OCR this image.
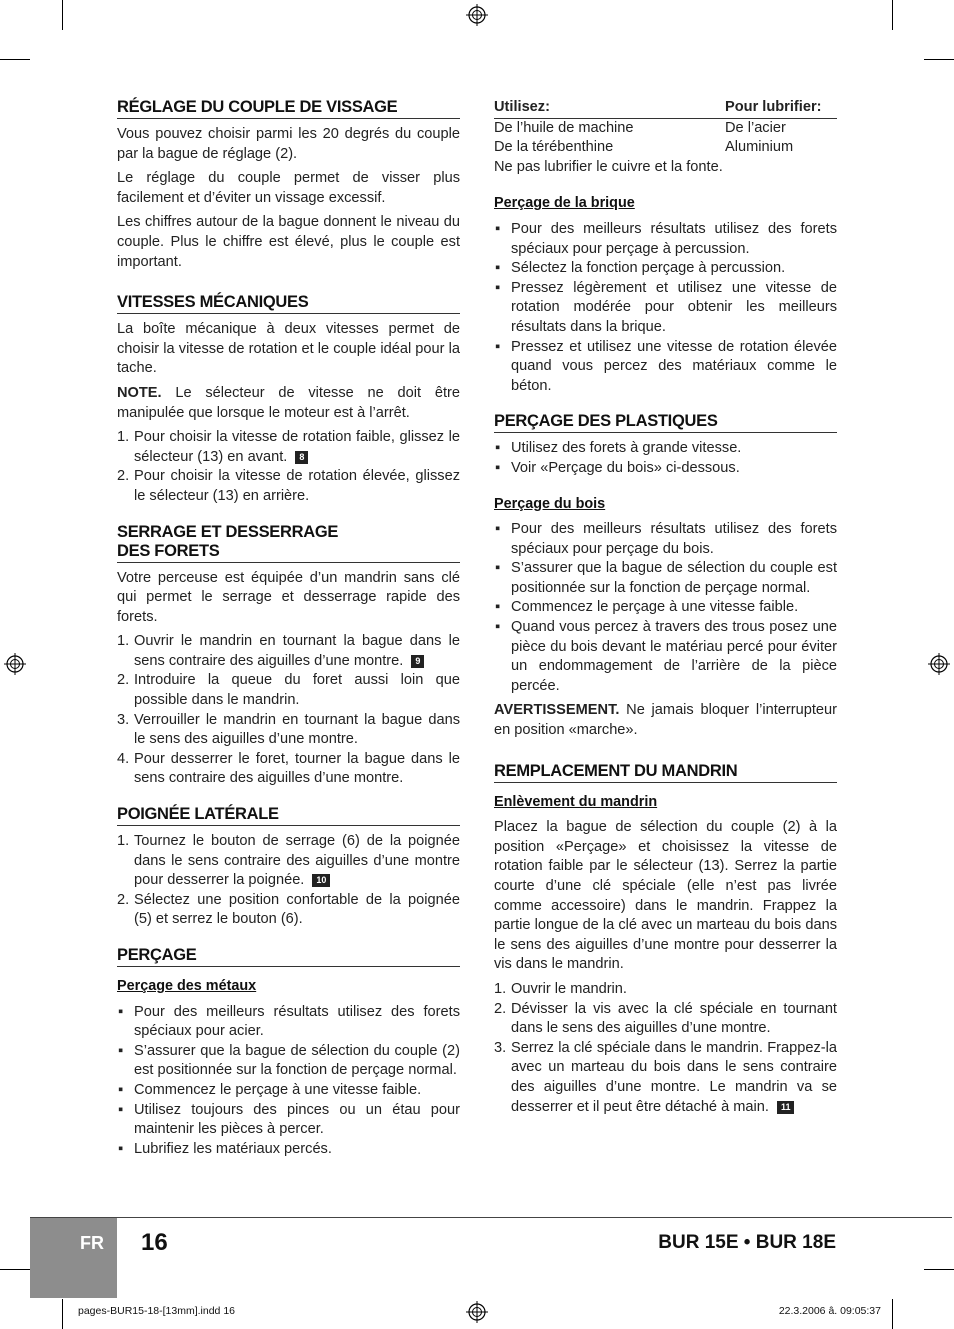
RÉGLAGE DU COUPLE DE VISSAGE

Vous pouvez choisir parmi les 20 degrés du couple par la bague de réglage (2).

Le réglage du couple permet de visser plus facilement et d’éviter un vissage excessif.

Les chiffres autour de la bague donnent le niveau du couple. Plus le chiffre est élevé, plus le couple est important.

VITESSES MÉCANIQUES

La boîte mécanique à deux vitesses permet de choisir la vitesse de rotation et le couple idéal pour la tache.

NOTE. Le sélecteur de vitesse ne doit être manipulée que lorsque le moteur est à l’arrêt.

1. Pour choisir la vitesse de rotation faible, glissez le sélecteur (13) en avant. 8
2. Pour choisir la vitesse de rotation élevée, glissez le sélecteur (13) en arrière.
SERRAGE ET DESSERRAGE
DES FORETS

Votre perceuse est équipée d’un mandrin sans clé qui permet le serrage et desserrage rapide des forets.

1. Ouvrir le mandrin en tournant la bague dans le sens contraire des aiguilles d’une montre. 9
2. Introduire la queue du foret aussi loin que possible dans le mandrin.
3. Verrouiller le mandrin en tournant la bague dans le sens des aiguilles d’une montre.
4. Pour desserrer le foret, tourner la bague dans le sens contraire des aiguilles d’une montre.
POIGNÉE LATÉRALE
1. Tournez le bouton de serrage (6) de la poignée dans le sens contraire des aiguilles d’une montre pour desserrer la poignée. 10
2. Sélectez une position confortable de la poignée (5) et serrez le bouton (6).
PERÇAGE

Perçage des métaux

▪ Pour des meilleurs résultats utilisez des forets spéciaux pour acier.
▪ S’assurer que la bague de sélection du couple (2) est positionnée sur la fonction de perçage normal.
▪ Commencez le perçage à une vitesse faible.
▪ Utilisez toujours des pinces ou un étau pour maintenir les pièces à percer.
▪ Lubrifiez les matériaux percés.
Utilisez:	Pour lubrifier:
De l’huile de machine	De l’acier
De la térébenthine	Aluminium

Ne pas lubrifier le cuivre et la fonte.

Perçage de la brique

▪ Pour des meilleurs résultats utilisez des forets spéciaux pour perçage à percussion.
▪ Sélectez la fonction perçage à percussion.
▪ Pressez légèrement et utilisez une vitesse de rotation modérée pour obtenir les meilleurs résultats dans la brique.
▪ Pressez et utilisez une vitesse de rotation élevée quand vous percez des matériaux comme le béton.
PERÇAGE DES PLASTIQUES
▪ Utilisez des forets à grande vitesse.
▪ Voir «Perçage du bois» ci-dessous.

Perçage du bois

▪ Pour des meilleurs résultats utilisez des forets spéciaux pour perçage du bois.
▪ S’assurer que la bague de sélection du couple est positionnée sur la fonction de perçage normal.
▪ Commencez le perçage à une vitesse faible.
▪ Quand vous percez à travers des trous posez une pièce du bois devant le matériau percé pour éviter un endommagement de l’arrière de la pièce percée.

AVERTISSEMENT. Ne jamais bloquer l’interrupteur en position «marche».

REMPLACEMENT DU MANDRIN

Enlèvement du mandrin

Placez la bague de sélection du couple (2) à la position «Perçage» et choisissez la vitesse de rotation faible par le sélecteur (13). Serrez la partie courte d’une clé spéciale (elle n’est pas livrée comme accessoire) dans le mandrin. Frappez la partie longue de la clé avec un marteau du bois dans le sens des aiguilles d’une montre pour desserrer la vis dans le mandrin.

1. Ouvrir le mandrin.
2. Dévisser la vis avec la clé spéciale en tournant dans le sens des aiguilles d’une montre.
3. Serrez la clé spéciale dans le mandrin. Frappez-la avec un marteau du bois dans le sens contraire des aiguilles d’une montre. Le mandrin va se desserrer et il peut être détaché à main. 11
FR 16	BUR 15E • BUR 18E
pages-BUR15-18-[13mm].indd 16	22.3.2006 â. 09:05:37
